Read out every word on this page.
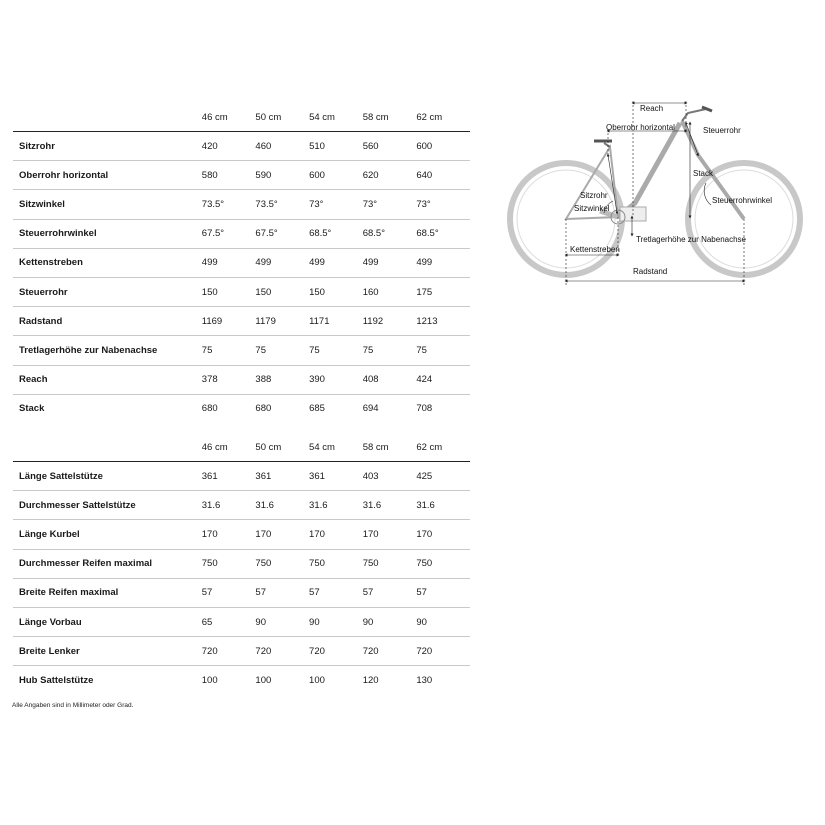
	46 cm	50 cm	54 cm	58 cm	62 cm
Sitzrohr	420	460	510	560	600
Oberrohr horizontal	580	590	600	620	640
Sitzwinkel	73.5°	73.5°	73°	73°	73°
Steuerrohrwinkel	67.5°	67.5°	68.5°	68.5°	68.5°
Kettenstreben	499	499	499	499	499
Steuerrohr	150	150	150	160	175
Radstand	1169	1179	1171	1192	1213
Tretlagerhöhe zur Nabenachse	75	75	75	75	75
Reach	378	388	390	408	424
Stack	680	680	685	694	708
	46 cm	50 cm	54 cm	58 cm	62 cm
Länge Sattelstütze	361	361	361	403	425
Durchmesser Sattelstütze	31.6	31.6	31.6	31.6	31.6
Länge Kurbel	170	170	170	170	170
Durchmesser Reifen maximal	750	750	750	750	750
Breite Reifen maximal	57	57	57	57	57
Länge Vorbau	65	90	90	90	90
Breite Lenker	720	720	720	720	720
Hub Sattelstütze	100	100	100	120	130
Alle Angaben sind in Millimeter oder Grad.
Reach
Oberrohr horizontal	Steuerrohr
Stack
Sitzrohr
Sitzwinkel
Steuerrohrwinkel
Kettenstreben
Tretlagerhöhe zur Nabenachse
Radstand
